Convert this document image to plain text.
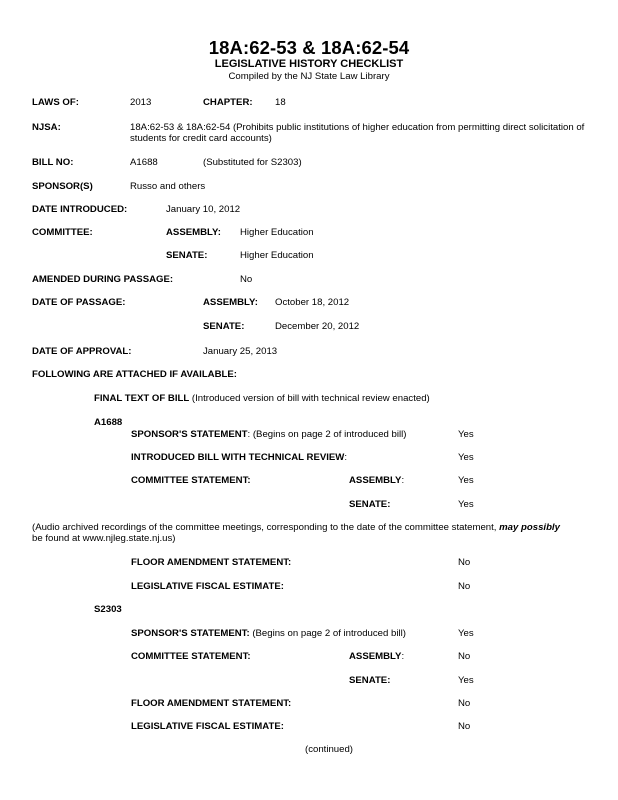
18A:62-53 & 18A:62-54
LEGISLATIVE HISTORY CHECKLIST
Compiled by the NJ State Law Library
LAWS OF:	2013	CHAPTER: 18
NJSA:	18A:62-53 & 18A:62-54 (Prohibits public institutions of higher education from permitting direct solicitation of
students for credit card accounts)
BILL NO:	A1688	(Substituted for S2303)
SPONSOR(S)	Russo and others
DATE INTRODUCED:	January 10, 2012
COMMITTEE:	ASSEMBLY: Higher Education
SENATE:	Higher Education
AMENDED DURING PASSAGE:	No
DATE OF PASSAGE:	ASSEMBLY: October 18, 2012
SENATE:	December 20, 2012
DATE OF APPROVAL:	January 25, 2013
FOLLOWING ARE ATTACHED IF AVAILABLE:
FINAL TEXT OF BILL (Introduced version of bill with technical review enacted)
A1688
SPONSOR'S STATEMENT: (Begins on page 2 of introduced bill)	Yes
INTRODUCED BILL WITH TECHNICAL REVIEW:	Yes
COMMITTEE STATEMENT:	ASSEMBLY:	Yes
SENATE:	Yes
(Audio archived recordings of the committee meetings, corresponding to the date of the committee statement, may possibly
be found at www.njleg.state.nj.us)
FLOOR AMENDMENT STATEMENT:	No
LEGISLATIVE FISCAL ESTIMATE:	No
S2303
SPONSOR'S STATEMENT: (Begins on page 2 of introduced bill)	Yes
COMMITTEE STATEMENT:	ASSEMBLY:	No
SENATE:	Yes
FLOOR AMENDMENT STATEMENT:	No
LEGISLATIVE FISCAL ESTIMATE:	No
(continued)
